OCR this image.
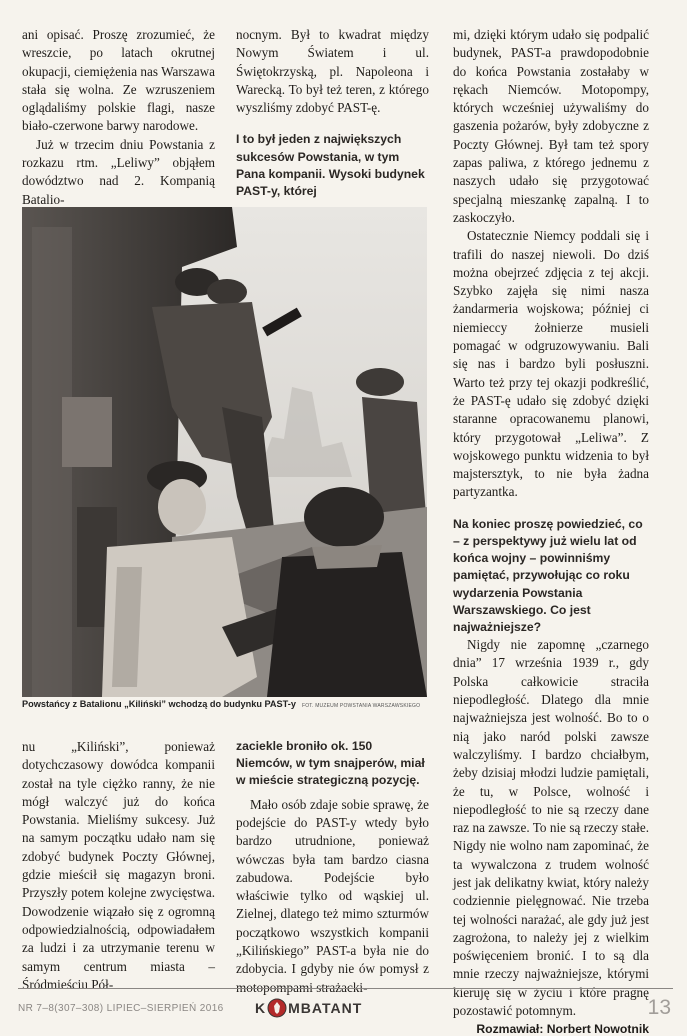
ani opisać. Proszę zrozumieć, że wreszcie, po latach okrutnej okupacji, ciemiężenia nas Warszawa stała się wolna. Ze wzruszeniem oglądaliśmy polskie flagi, nasze biało-czerwone barwy narodowe.

Już w trzecim dniu Powstania z rozkazu rtm. „Leliwy” objąłem dowództwo nad 2. Kompanią Batalio-

nocnym. Był to kwadrat między Nowym Światem i ul. Świętokrzyską, pl. Napoleona i Warecką. To był też teren, z którego wyszliśmy zdobyć PAST-ę.

I to był jeden z największych sukcesów Powstania, w tym Pana kompanii. Wysoki budynek PAST-y, której

mi, dzięki którym udało się podpalić budynek, PAST-a prawdopodobnie do końca Powstania zostałaby w rękach Niemców. Motopompy, których wcześniej używaliśmy do gaszenia pożarów, były zdobyczne z Poczty Głównej. Był tam też spory zapas paliwa, z którego jednemu z naszych udało się przygotować specjalną mieszankę zapalną. I to zaskoczyło.

Ostatecznie Niemcy poddali się i trafili do naszej niewoli. Do dziś można obejrzeć zdjęcia z tej akcji. Szybko zajęła się nimi nasza żandarmeria wojskowa; później ci niemieccy żołnierze musieli pomagać w odgruzowywaniu. Bali się nas i bardzo byli posłuszni. Warto też przy tej okazji podkreślić, że PAST-ę udało się zdobyć dzięki staranne opracowanemu planowi, który przygotował „Leliwa”. Z wojskowego punktu widzenia to był majstersztyk, to nie była żadna partyzantka.

Na koniec proszę powiedzieć, co – z perspektywy już wielu lat od końca wojny – powinniśmy pamiętać, przywołując co roku wydarzenia Powstania Warszawskiego. Co jest najważniejsze?

Nigdy nie zapomnę „czarnego dnia” 17 września 1939 r., gdy Polska całkowicie straciła niepodległość. Dlatego dla mnie najważniejsza jest wolność. Bo to o nią jako naród polski zawsze walczyliśmy. I bardzo chciałbym, żeby dzisiaj młodzi ludzie pamiętali, że tu, w Polsce, wolność i niepodległość to nie są rzeczy dane raz na zawsze. To nie są rzeczy stałe. Nigdy nie wolno nam zapominać, że ta wywalczona z trudem wolność jest jak delikatny kwiat, który należy codziennie pielęgnować. Nie trzeba tej wolności narażać, ale gdy już jest zagrożona, to należy jej z wielkim poświęceniem bronić. I to są dla mnie rzeczy najważniejsze, którymi kieruję się w życiu i które pragnę pozostawić potomnym.

Rozmawiał: Norbert Nowotnik

Powstańcy z Batalionu „Kiliński” wchodzą do budynku PAST-y FOT. MUZEUM POWSTANIA WARSZAWSKIEGO

nu „Kiliński”, ponieważ dotychczasowy dowódca kompanii został na tyle ciężko ranny, że nie mógł walczyć już do końca Powstania. Mieliśmy sukcesy. Już na samym początku udało nam się zdobyć budynek Poczty Głównej, gdzie mieścił się magazyn broni. Przyszły potem kolejne zwycięstwa. Dowodzenie wiązało się z ogromną odpowiedzialnością, odpowiadałem za ludzi i za utrzymanie terenu w samym centrum miasta – Śródmieściu Pół-

zaciekle broniło ok. 150 Niemców, w tym snajperów, miał w mieście strategiczną pozycję.

Mało osób zdaje sobie sprawę, że podejście do PAST-y wtedy było bardzo utrudnione, ponieważ wówczas była tam bardzo ciasna zabudowa. Podejście było właściwie tylko od wąskiej ul. Zielnej, dlatego też mimo szturmów początkowo wszystkich kompanii „Kilińskiego” PAST-a była nie do zdobycia. I gdyby nie ów pomysł z motopompami strażacki-

NR 7–8(307–308) LIPIEC–SIERPIEŃ 2016 K MBATANT	13
